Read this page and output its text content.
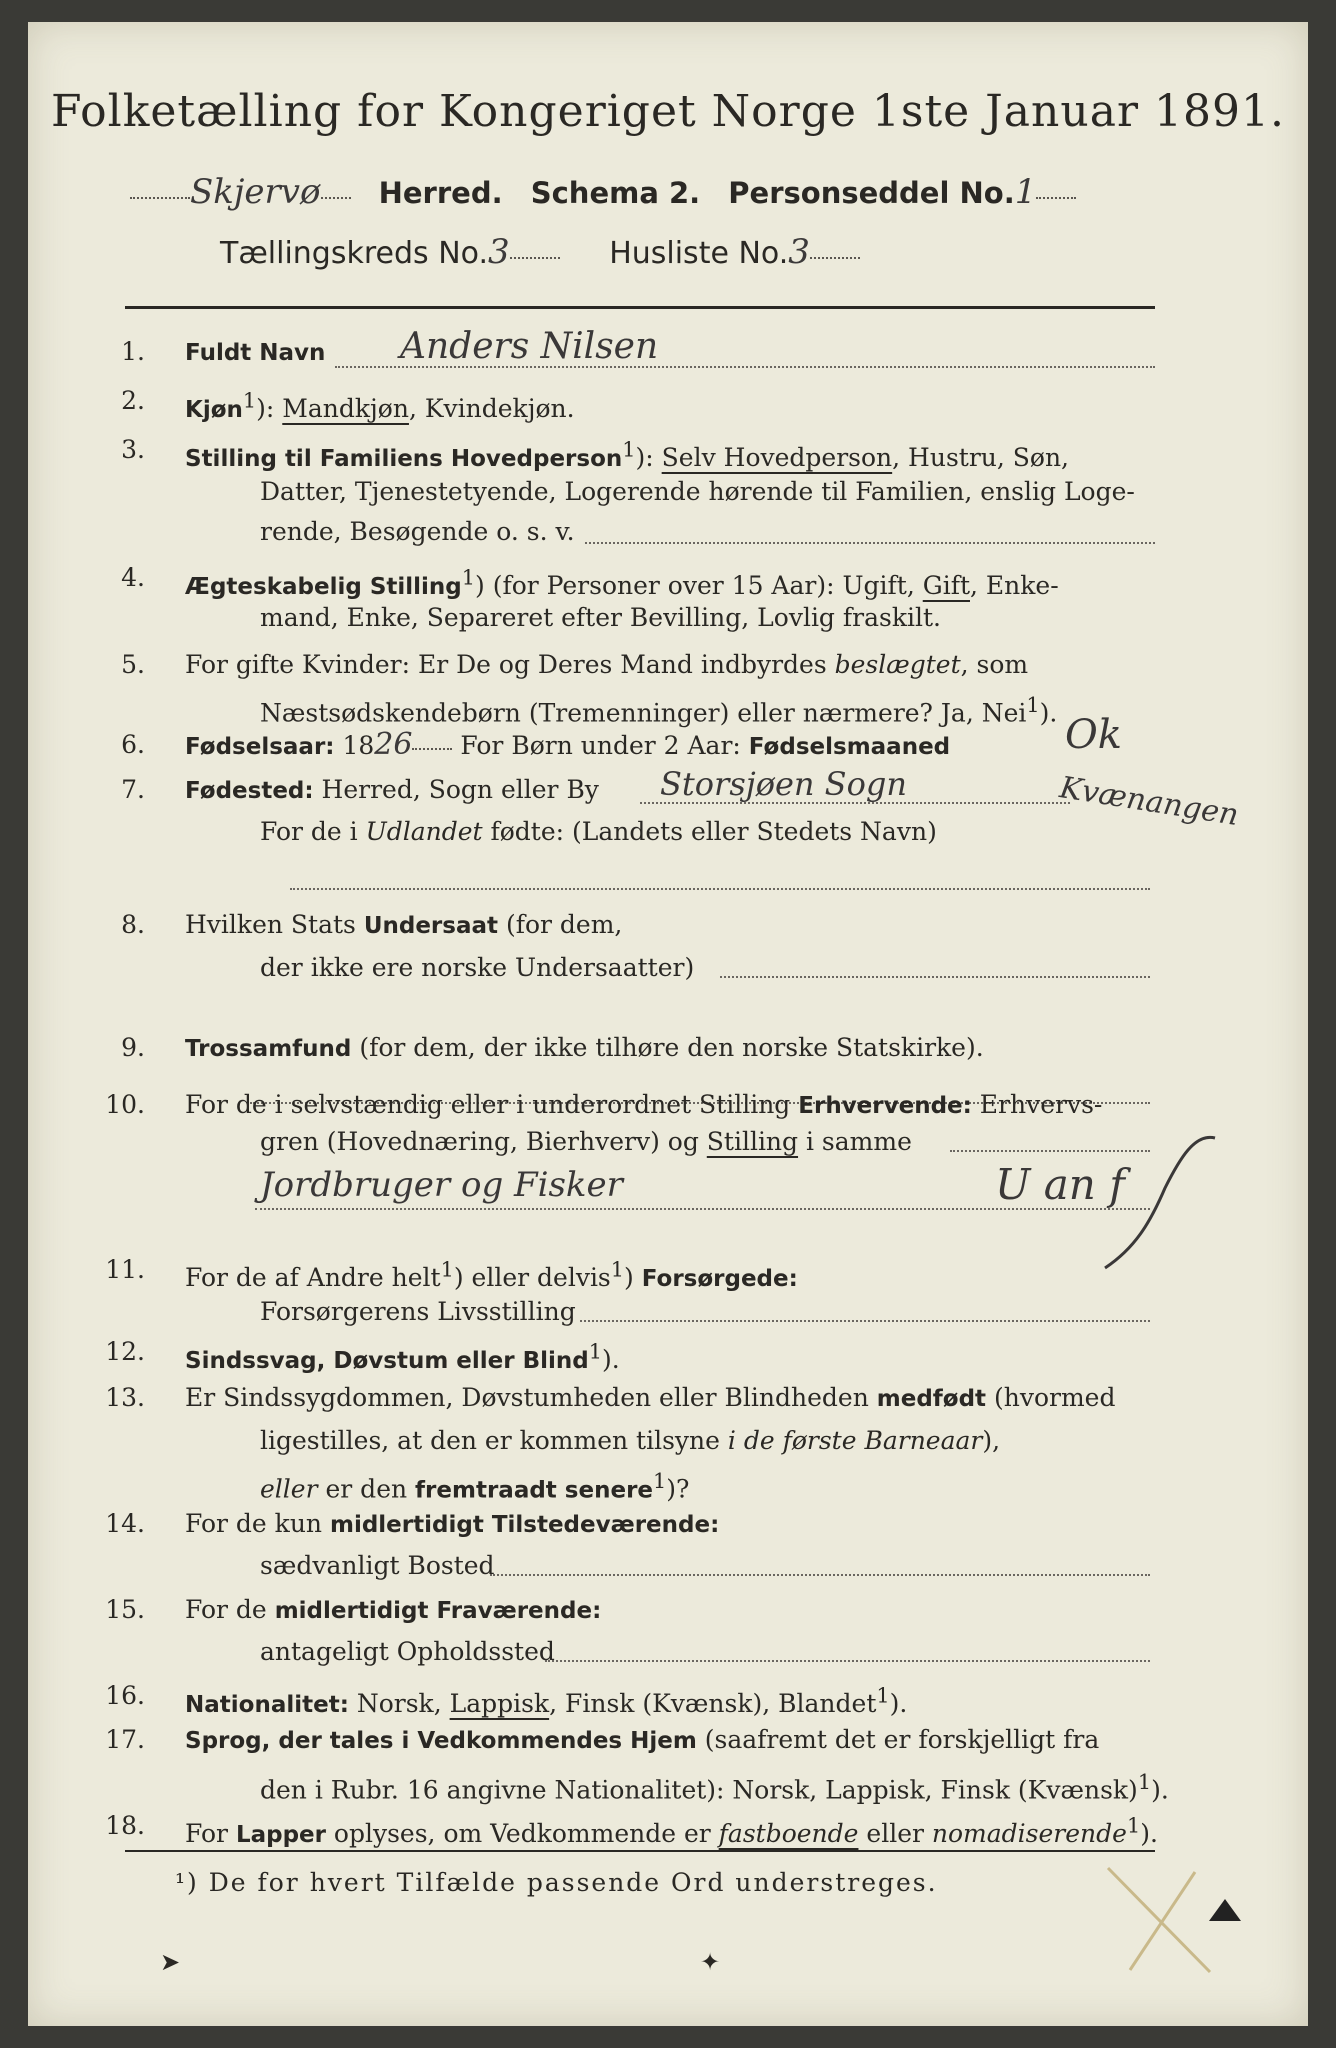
Folketælling for Kongeriget Norge 1ste Januar 1891.
Skjervø Herred. Schema 2. Personseddel No.1
Tællingskreds No.3	Husliste No.3
1. Fuldt Navn Anders Nilsen
2. Kjøn$^1$): Mandkjøn, Kvindekjøn.
3. Stilling til Familiens Hovedperson$^1$): Selv Hovedperson, Hustru, Søn,
Datter, Tjenestetyende, Logerende hørende til Familien, enslig Loge-
rende, Besøgende o. s. v.
4. Ægteskabelig Stilling$^1$) (for Personer over 15 Aar): Ugift, Gift, Enke-
mand, Enke, Separeret efter Bevilling, Lovlig fraskilt.
5. For gifte Kvinder: Er De og Deres Mand indbyrdes beslægtet, som
Næstsødskendebørn (Tremenninger) eller nærmere? Ja, Nei$^1$).
6. Fødselsaar: 1826 For Børn under 2 Aar: Fødselsmaaned	Ok
7. Fødested: Herred, Sogn eller By Storsjøen Sogn	Kvænangen
For de i Udlandet fødte: (Landets eller Stedets Navn)
8. Hvilken Stats Undersaat (for dem,
der ikke ere norske Undersaatter)
9. Trossamfund (for dem, der ikke tilhøre den norske Statskirke).
10. For de i selvstændig eller i underordnet Stilling Erhvervende: Erhvervs-
gren (Hovednæring, Bierhverv) og Stilling i samme
Jordbruger og Fisker	U an f
11. For de af Andre helt$^1$) eller delvis$^1$) Forsørgede:
Forsørgerens Livsstilling
12. Sindssvag, Døvstum eller Blind$^1$).
13. Er Sindssygdommen, Døvstumheden eller Blindheden medfødt (hvormed
ligestilles, at den er kommen tilsyne i de første Barneaar),
eller er den fremtraadt senere$^1$)?
14. For de kun midlertidigt Tilstedeværende:
sædvanligt Bosted
15. For de midlertidigt Fraværende:
antageligt Opholdssted
16. Nationalitet: Norsk, Lappisk, Finsk (Kvænsk), Blandet$^1$).
17. Sprog, der tales i Vedkommendes Hjem (saafremt det er forskjelligt fra
den i Rubr. 16 angivne Nationalitet): Norsk, Lappisk, Finsk (Kvænsk)$^1$).
18. For Lapper oplyses, om Vedkommende er fastboende eller nomadiserende$^1$).
¹) De for hvert Tilfælde passende Ord understreges.
➤	✦
